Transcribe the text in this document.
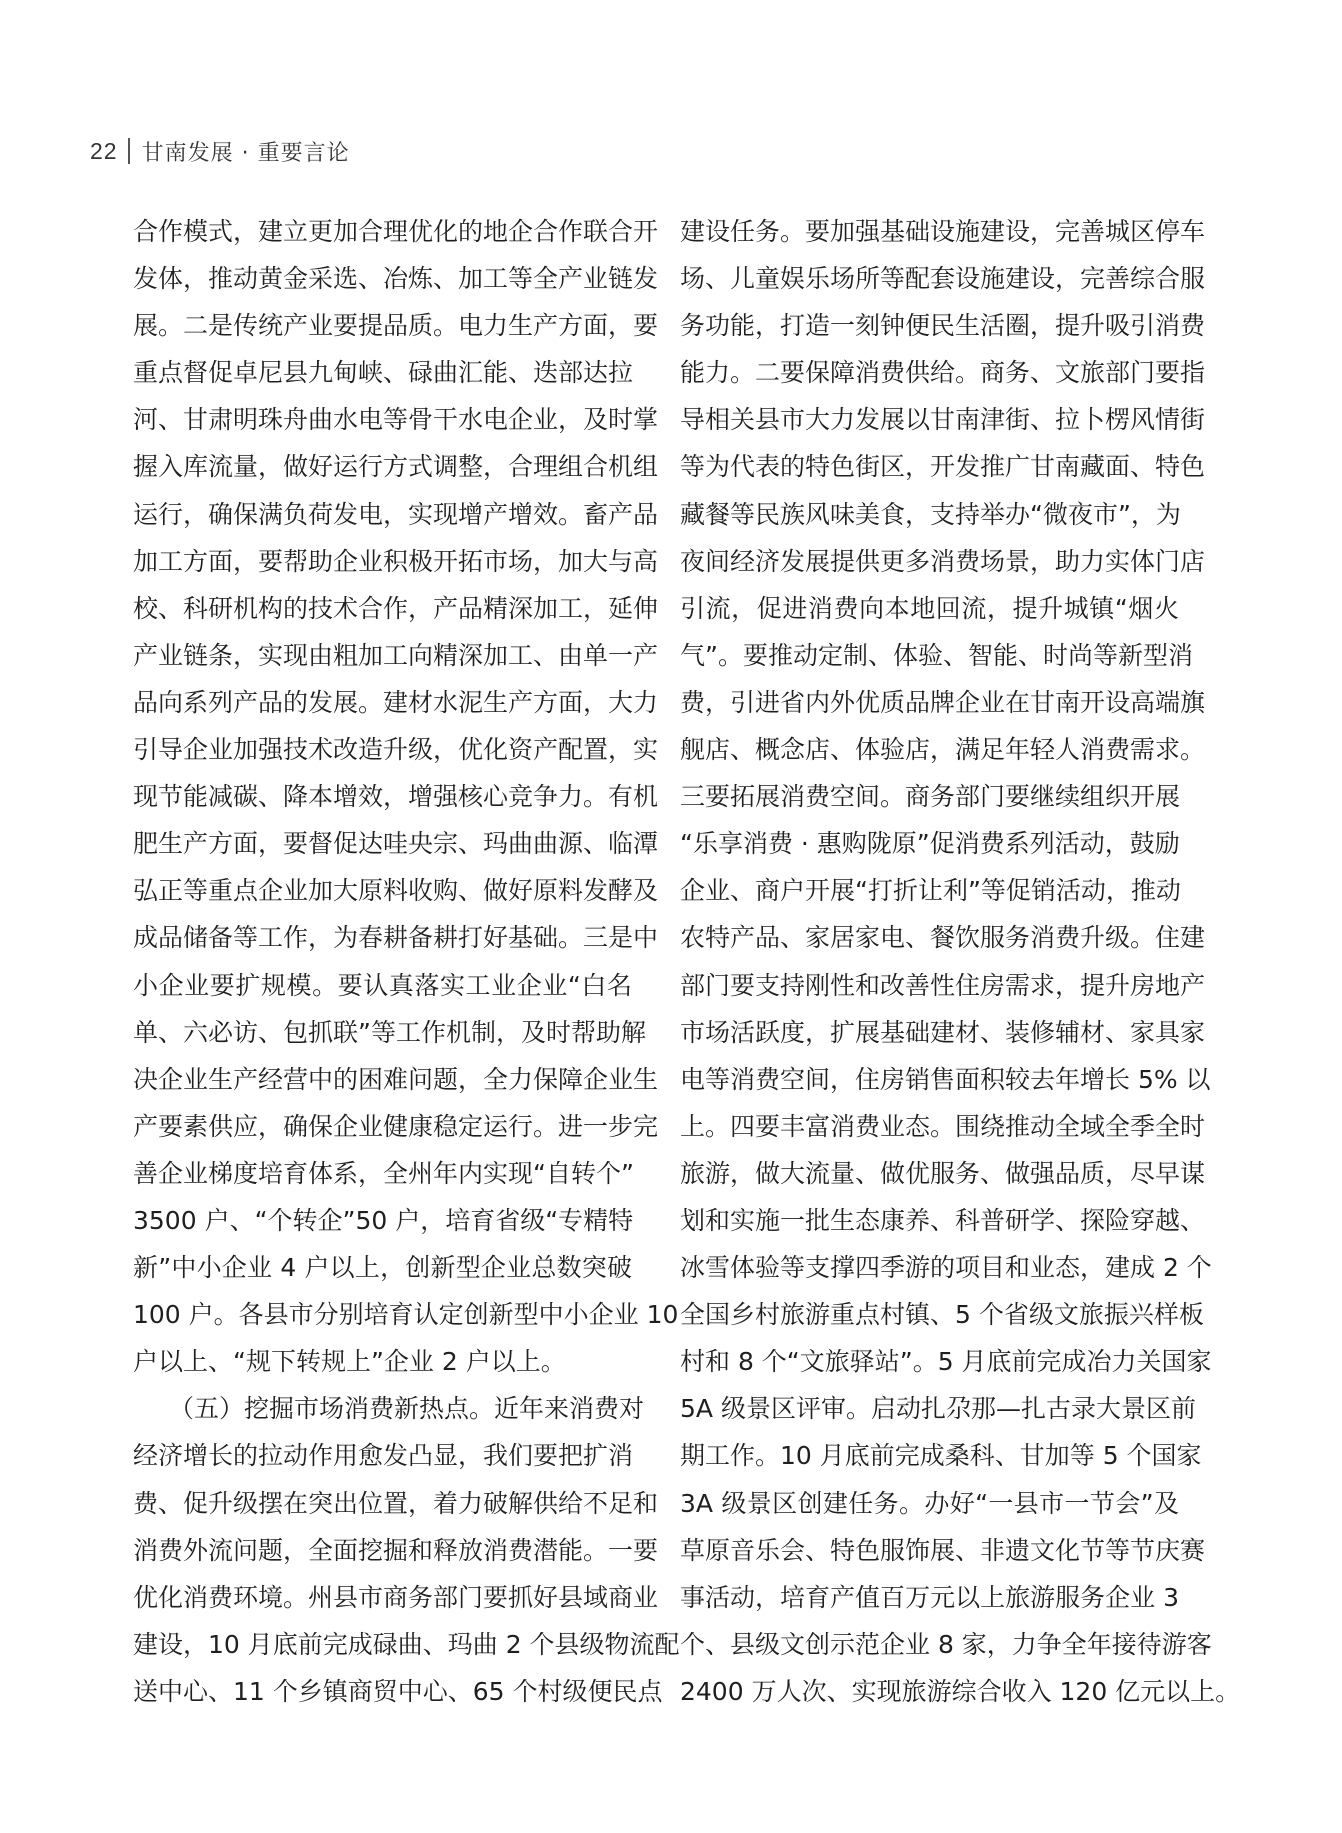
22 甘南发展 · 重要言论
合作模式，建立更加合理优化的地企合作联合开
发体，推动黄金采选、冶炼、加工等全产业链发
展。二是传统产业要提品质。电力生产方面，要
重点督促卓尼县九甸峡、碌曲汇能、迭部达拉
河、甘肃明珠舟曲水电等骨干水电企业，及时掌
握入库流量，做好运行方式调整，合理组合机组
运行，确保满负荷发电，实现增产增效。畜产品
加工方面，要帮助企业积极开拓市场，加大与高
校、科研机构的技术合作，产品精深加工，延伸
产业链条，实现由粗加工向精深加工、由单一产
品向系列产品的发展。建材水泥生产方面，大力
引导企业加强技术改造升级，优化资产配置，实
现节能减碳、降本增效，增强核心竞争力。有机
肥生产方面，要督促达哇央宗、玛曲曲源、临潭
弘正等重点企业加大原料收购、做好原料发酵及
成品储备等工作，为春耕备耕打好基础。三是中
小企业要扩规模。要认真落实工业企业“白名
单、六必访、包抓联”等工作机制，及时帮助解
决企业生产经营中的困难问题，全力保障企业生
产要素供应，确保企业健康稳定运行。进一步完
善企业梯度培育体系，全州年内实现“自转个”
3500 户、“个转企”50 户，培育省级“专精特
新”中小企业 4 户以上，创新型企业总数突破
100 户。各县市分别培育认定创新型中小企业 10
户以上、“规下转规上”企业 2 户以上。
（五）挖掘市场消费新热点。近年来消费对
经济增长的拉动作用愈发凸显，我们要把扩消
费、促升级摆在突出位置，着力破解供给不足和
消费外流问题，全面挖掘和释放消费潜能。一要
优化消费环境。州县市商务部门要抓好县域商业
建设，10 月底前完成碌曲、玛曲 2 个县级物流配
送中心、11 个乡镇商贸中心、65 个村级便民点
建设任务。要加强基础设施建设，完善城区停车
场、儿童娱乐场所等配套设施建设，完善综合服
务功能，打造一刻钟便民生活圈，提升吸引消费
能力。二要保障消费供给。商务、文旅部门要指
导相关县市大力发展以甘南津街、拉卜楞风情街
等为代表的特色街区，开发推广甘南藏面、特色
藏餐等民族风味美食，支持举办“微夜市”，为
夜间经济发展提供更多消费场景，助力实体门店
引流，促进消费向本地回流，提升城镇“烟火
气”。要推动定制、体验、智能、时尚等新型消
费，引进省内外优质品牌企业在甘南开设高端旗
舰店、概念店、体验店，满足年轻人消费需求。
三要拓展消费空间。商务部门要继续组织开展
“乐享消费 · 惠购陇原”促消费系列活动，鼓励
企业、商户开展“打折让利”等促销活动，推动
农特产品、家居家电、餐饮服务消费升级。住建
部门要支持刚性和改善性住房需求，提升房地产
市场活跃度，扩展基础建材、装修辅材、家具家
电等消费空间，住房销售面积较去年增长 5% 以
上。四要丰富消费业态。围绕推动全域全季全时
旅游，做大流量、做优服务、做强品质，尽早谋
划和实施一批生态康养、科普研学、探险穿越、
冰雪体验等支撑四季游的项目和业态，建成 2 个
全国乡村旅游重点村镇、5 个省级文旅振兴样板
村和 8 个“文旅驿站”。5 月底前完成冶力关国家
5A 级景区评审。启动扎尕那—扎古录大景区前
期工作。10 月底前完成桑科、甘加等 5 个国家
3A 级景区创建任务。办好“一县市一节会”及
草原音乐会、特色服饰展、非遗文化节等节庆赛
事活动，培育产值百万元以上旅游服务企业 3
个、县级文创示范企业 8 家，力争全年接待游客
2400 万人次、实现旅游综合收入 120 亿元以上。
